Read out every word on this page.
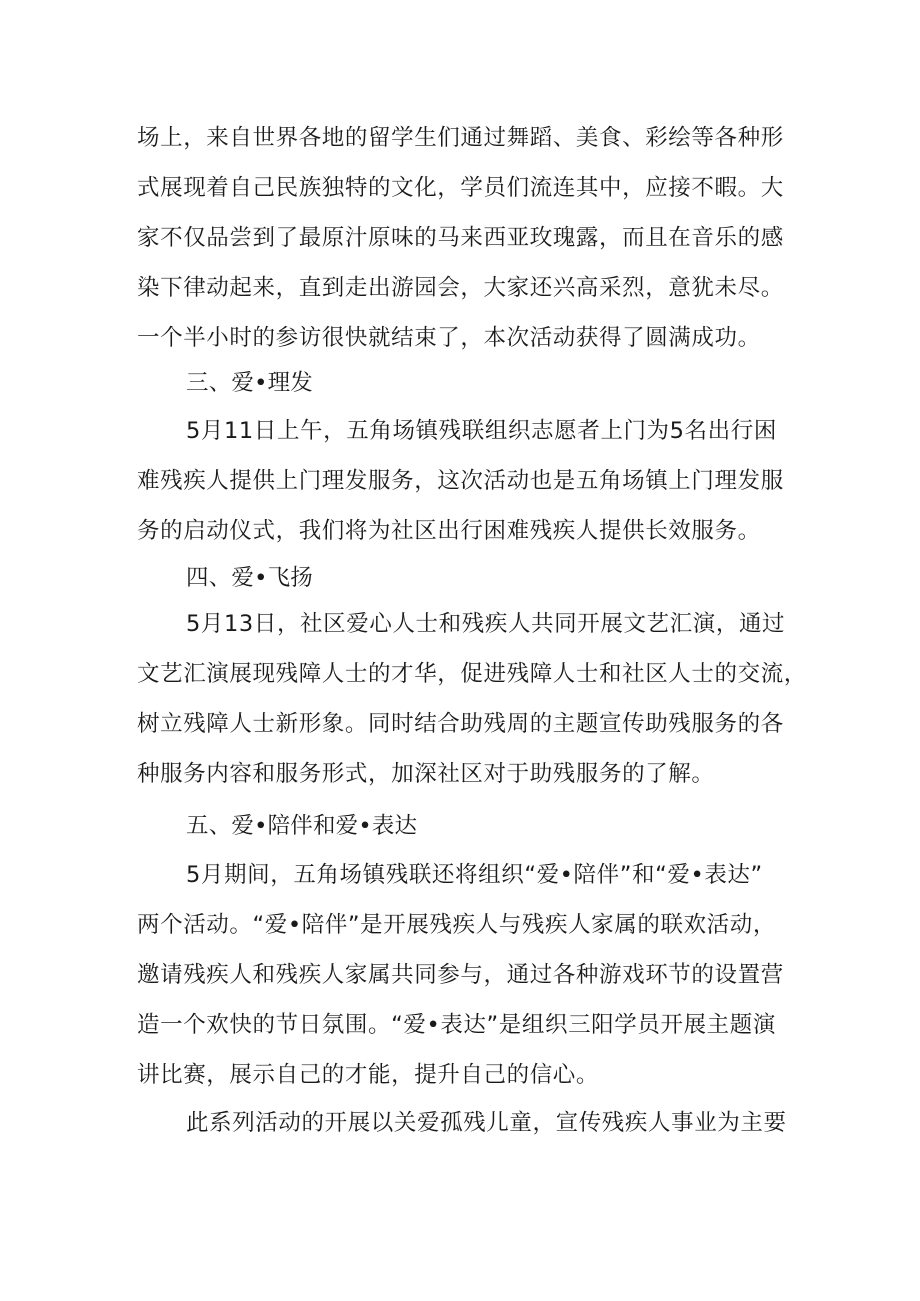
场上，来自世界各地的留学生们通过舞蹈、美食、彩绘等各种形

式展现着自己民族独特的文化，学员们流连其中，应接不暇。大

家不仅品尝到了最原汁原味的马来西亚玫瑰露，而且在音乐的感

染下律动起来，直到走出游园会，大家还兴高采烈，意犹未尽。

一个半小时的参访很快就结束了，本次活动获得了圆满成功。

三、爱•理发

5月11日上午，五角场镇残联组织志愿者上门为5名出行困

难残疾人提供上门理发服务，这次活动也是五角场镇上门理发服

务的启动仪式，我们将为社区出行困难残疾人提供长效服务。

四、爱•飞扬

5月13日，社区爱心人士和残疾人共同开展文艺汇演，通过

文艺汇演展现残障人士的才华，促进残障人士和社区人士的交流，

树立残障人士新形象。同时结合助残周的主题宣传助残服务的各

种服务内容和服务形式，加深社区对于助残服务的了解。

五、爱•陪伴和爱•表达

5月期间，五角场镇残联还将组织“爱•陪伴”和“爱•表达”

两个活动。“爱•陪伴”是开展残疾人与残疾人家属的联欢活动，

邀请残疾人和残疾人家属共同参与，通过各种游戏环节的设置营

造一个欢快的节日氛围。“爱•表达”是组织三阳学员开展主题演

讲比赛，展示自己的才能，提升自己的信心。

此系列活动的开展以关爱孤残儿童，宣传残疾人事业为主要
